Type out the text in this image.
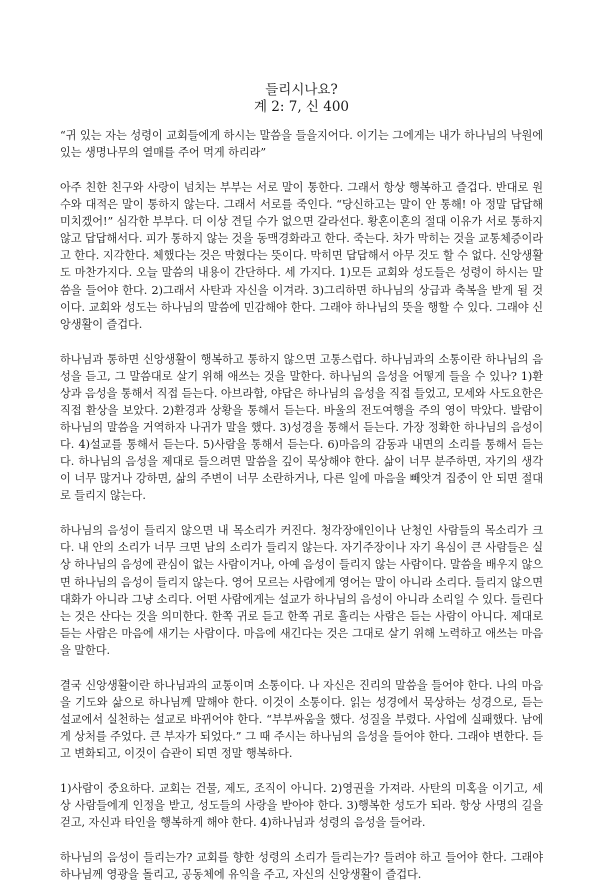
들리시나요?
계 2: 7, 신 400

“귀 있는 자는 성령이 교회들에게 하시는 말씀을 들을지어다. 이기는 그에게는 내가 하나님의 낙원에 있는 생명나무의 열매를 주어 먹게 하리라”

아주 친한 친구와 사랑이 넘치는 부부는 서로 말이 통한다. 그래서 항상 행복하고 즐겁다. 반대로 원수와 대적은 말이 통하지 않는다. 그래서 서로를 죽인다. “당신하고는 말이 안 통해! 아 정말 답답해 미치겠어!” 심각한 부부다. 더 이상 견딜 수가 없으면 갈라선다. 황혼이혼의 절대 이유가 서로 통하지 않고 답답해서다. 피가 통하지 않는 것을 동맥경화라고 한다. 죽는다. 차가 막히는 것을 교통체증이라고 한다. 지각한다. 체했다는 것은 막혔다는 뜻이다. 막히면 답답해서 아무 것도 할 수 없다. 신앙생활도 마찬가지다. 오늘 말씀의 내용이 간단하다. 세 가지다. 1)모든 교회와 성도들은 성령이 하시는 말씀을 들어야 한다. 2)그래서 사탄과 자신을 이겨라. 3)그리하면 하나님의 상급과 축복을 받게 될 것이다. 교회와 성도는 하나님의 말씀에 민감해야 한다. 그래야 하나님의 뜻을 행할 수 있다. 그래야 신앙생활이 즐겁다.

하나님과 통하면 신앙생활이 행복하고 통하지 않으면 고통스럽다. 하나님과의 소통이란 하나님의 음성을 듣고, 그 말씀대로 살기 위해 애쓰는 것을 말한다. 하나님의 음성을 어떻게 들을 수 있나? 1)환상과 음성을 통해서 직접 듣는다. 아브라함, 야답은 하나님의 음성을 직접 들었고, 모세와 사도요한은 직접 환상을 보았다. 2)환경과 상황을 통해서 듣는다. 바울의 전도여행을 주의 영이 막았다. 발람이 하나님의 말씀을 거역하자 나귀가 말을 했다. 3)성경을 통해서 듣는다. 가장 정확한 하나님의 음성이다. 4)설교를 통해서 듣는다. 5)사람을 통해서 듣는다. 6)마음의 감동과 내면의 소리를 통해서 듣는다. 하나님의 음성을 제대로 들으려면 말씀을 깊이 묵상해야 한다. 삶이 너무 분주하면, 자기의 생각이 너무 많거나 강하면, 삶의 주변이 너무 소란하거나, 다른 일에 마음을 빼앗겨 집중이 안 되면 절대로 들리지 않는다.

하나님의 음성이 들리지 않으면 내 목소리가 커진다. 청각장애인이나 난청인 사람들의 목소리가 크다. 내 안의 소리가 너무 크면 남의 소리가 들리지 않는다. 자기주장이나 자기 욕심이 큰 사람들은 실상 하나님의 음성에 관심이 없는 사람이거나, 아예 음성이 들리지 않는 사람이다. 말씀을 배우지 않으면 하나님의 음성이 들리지 않는다. 영어 모르는 사람에게 영어는 말이 아니라 소리다. 들리지 않으면 대화가 아니라 그냥 소리다. 어떤 사람에게는 설교가 하나님의 음성이 아니라 소리일 수 있다. 들린다는 것은 산다는 것을 의미한다. 한쪽 귀로 듣고 한쪽 귀로 흘리는 사람은 듣는 사람이 아니다. 제대로 듣는 사람은 마음에 새기는 사람이다. 마음에 새긴다는 것은 그대로 살기 위해 노력하고 애쓰는 마음을 말한다.

결국 신앙생활이란 하나님과의 교통이며 소통이다. 나 자신은 진리의 말씀을 들어야 한다. 나의 마음을 기도와 삶으로 하나님께 말해야 한다. 이것이 소통이다. 읽는 성경에서 묵상하는 성경으로, 듣는 설교에서 실천하는 설교로 바뀌어야 한다. “부부싸움을 했다. 성질을 부렸다. 사업에 실패했다. 남에게 상처를 주었다. 큰 부자가 되었다.” 그 때 주시는 하나님의 음성을 들어야 한다. 그래야 변한다. 듣고 변화되고, 이것이 습관이 되면 정말 행복하다.

1)사람이 중요하다. 교회는 건물, 제도, 조직이 아니다. 2)영권을 가져라. 사탄의 미혹을 이기고, 세상 사람들에게 인정을 받고, 성도들의 사랑을 받아야 한다. 3)행복한 성도가 되라. 항상 사명의 길을 걷고, 자신과 타인을 행복하게 해야 한다. 4)하나님과 성령의 음성을 들어라.

하나님의 음성이 들리는가? 교회를 향한 성령의 소리가 들리는가? 들려야 하고 들어야 한다. 그래야 하나님께 영광을 돌리고, 공동체에 유익을 주고, 자신의 신앙생활이 즐겁다.
